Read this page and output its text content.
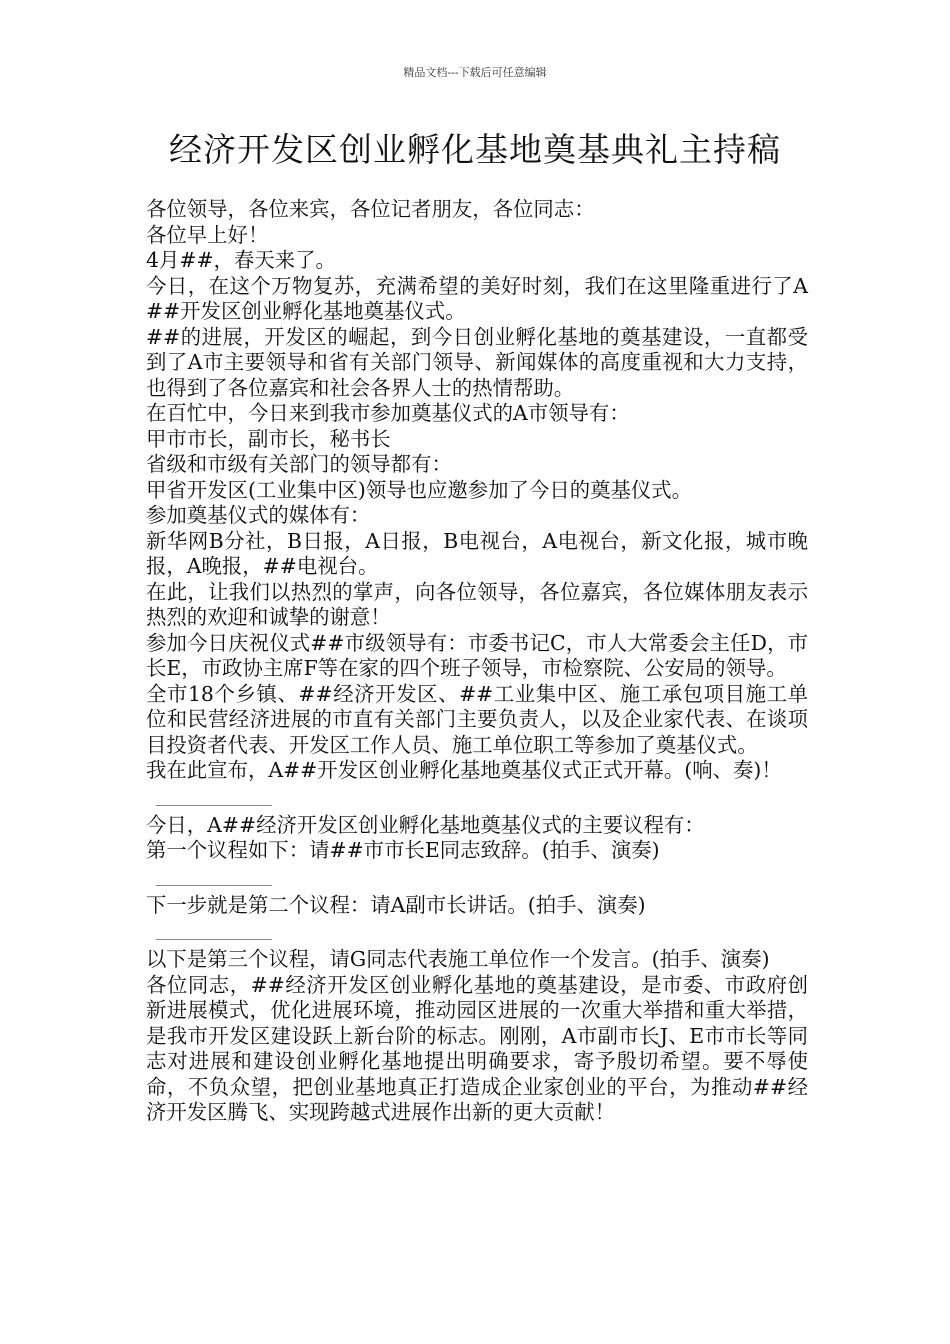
精品文档---下载后可任意编辑
经济开发区创业孵化基地奠基典礼主持稿

各位领导，各位来宾，各位记者朋友，各位同志：

各位早上好！

4月##，春天来了。

今日，在这个万物复苏，充满希望的美好时刻，我们在这里隆重进行了A##开发区创业孵化基地奠基仪式。

##的进展，开发区的崛起，到今日创业孵化基地的奠基建设，一直都受到了A市主要领导和省有关部门领导、新闻媒体的高度重视和大力支持，也得到了各位嘉宾和社会各界人士的热情帮助。

在百忙中，今日来到我市参加奠基仪式的A市领导有：

甲市市长，副市长，秘书长

省级和市级有关部门的领导都有：

甲省开发区(工业集中区)领导也应邀参加了今日的奠基仪式。

参加奠基仪式的媒体有：

新华网B分社，B日报，A日报，B电视台，A电视台，新文化报，城市晚报，A晚报，##电视台。

在此，让我们以热烈的掌声，向各位领导，各位嘉宾，各位媒体朋友表示热烈的欢迎和诚挚的谢意！

参加今日庆祝仪式##市级领导有：市委书记C，市人大常委会主任D，市长E，市政协主席F等在家的四个班子领导，市检察院、公安局的领导。

全市18个乡镇、##经济开发区、##工业集中区、施工承包项目施工单位和民营经济进展的市直有关部门主要负责人，以及企业家代表、在谈项目投资者代表、开发区工作人员、施工单位职工等参加了奠基仪式。

我在此宣布，A##开发区创业孵化基地奠基仪式正式开幕。(响、奏)！

今日，A##经济开发区创业孵化基地奠基仪式的主要议程有：

第一个议程如下：请##市市长E同志致辞。(拍手、演奏)

下一步就是第二个议程：请A副市长讲话。(拍手、演奏)

以下是第三个议程，请G同志代表施工单位作一个发言。(拍手、演奏)

各位同志，##经济开发区创业孵化基地的奠基建设，是市委、市政府创新进展模式，优化进展环境，推动园区进展的一次重大举措和重大举措，是我市开发区建设跃上新台阶的标志。刚刚，A市副市长J、E市市长等同志对进展和建设创业孵化基地提出明确要求，寄予殷切希望。要不辱使命，不负众望，把创业基地真正打造成企业家创业的平台，为推动##经济开发区腾飞、实现跨越式进展作出新的更大贡献！
